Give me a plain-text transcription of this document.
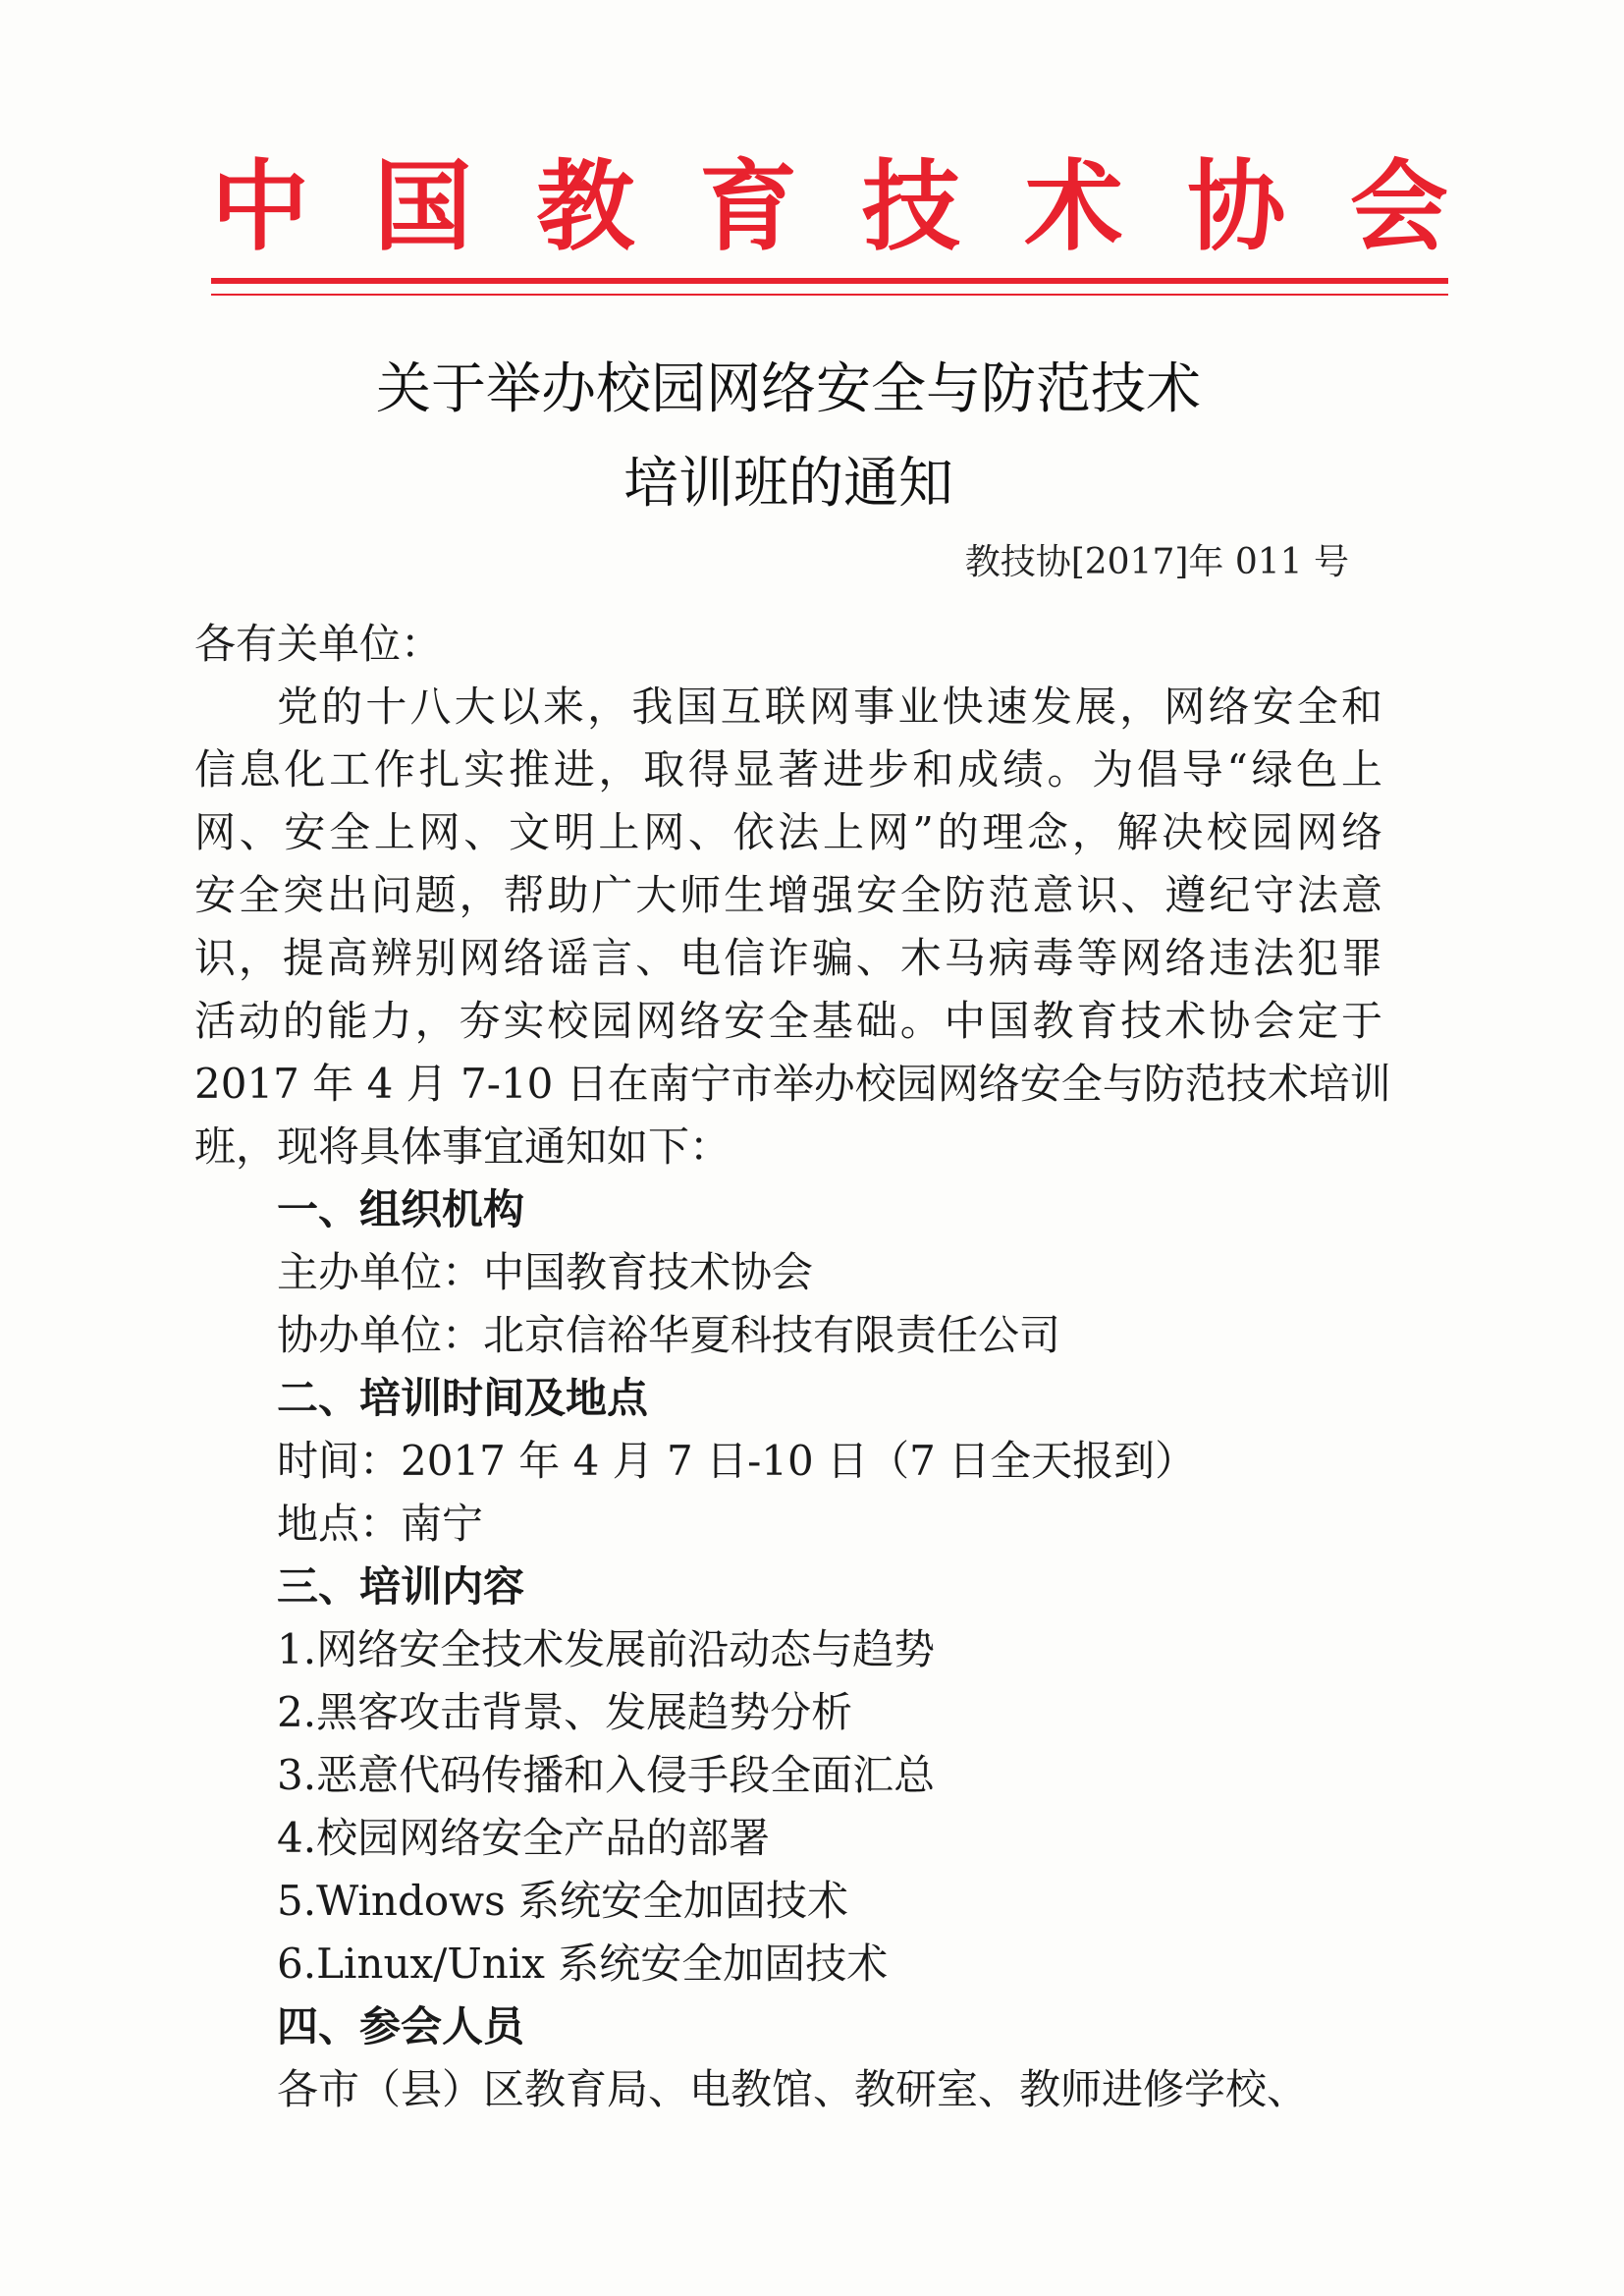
中 国 教 育 技 术 协 会
关于举办校园网络安全与防范技术
培训班的通知
教技协[2017]年 011 号
各有关单位：
党的十八大以来，我国互联网事业快速发展，网络安全和
信息化工作扎实推进，取得显著进步和成绩。为倡导“绿色上
网、安全上网、文明上网、依法上网”的理念，解决校园网络
安全突出问题，帮助广大师生增强安全防范意识、遵纪守法意
识，提高辨别网络谣言、电信诈骗、木马病毒等网络违法犯罪
活动的能力，夯实校园网络安全基础。中国教育技术协会定于
2017 年 4 月 7-10 日在南宁市举办校园网络安全与防范技术培训
班，现将具体事宜通知如下：
一、组织机构
主办单位：中国教育技术协会
协办单位：北京信裕华夏科技有限责任公司
二、培训时间及地点
时间：2017 年 4 月 7 日-10 日（7 日全天报到）
地点：南宁
三、培训内容
1.网络安全技术发展前沿动态与趋势
2.黑客攻击背景、发展趋势分析
3.恶意代码传播和入侵手段全面汇总
4.校园网络安全产品的部署
5.Windows 系统安全加固技术
6.Linux/Unix 系统安全加固技术
四、参会人员
各市（县）区教育局、电教馆、教研室、教师进修学校、
